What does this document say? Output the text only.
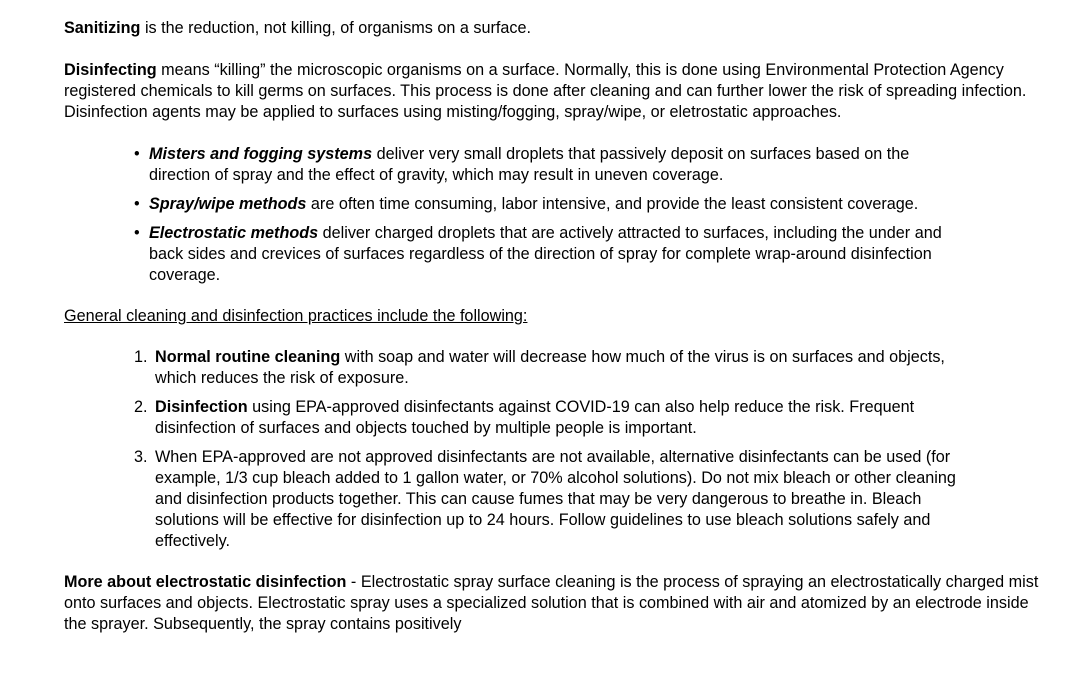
Sanitizing is the reduction, not killing, of organisms on a surface.

Disinfecting means “killing” the microscopic organisms on a surface. Normally, this is done using Environmental Protection Agency registered chemicals to kill germs on surfaces. This process is done after cleaning and can further lower the risk of spreading infection. Disinfection agents may be applied to surfaces using misting/fogging, spray/wipe, or eletrostatic approaches.

• Misters and fogging systems deliver very small droplets that passively deposit on surfaces based on the direction of spray and the effect of gravity, which may result in uneven coverage.
• Spray/wipe methods are often time consuming, labor intensive, and provide the least consistent coverage.
• Electrostatic methods deliver charged droplets that are actively attracted to surfaces, including the under and back sides and crevices of surfaces regardless of the direction of spray for complete wrap-around disinfection coverage.

General cleaning and disinfection practices include the following:

1. Normal routine cleaning with soap and water will decrease how much of the virus is on surfaces and objects, which reduces the risk of exposure.
2. Disinfection using EPA-approved disinfectants against COVID-19 can also help reduce the risk. Frequent disinfection of surfaces and objects touched by multiple people is important.
3. When EPA-approved are not approved disinfectants are not available, alternative disinfectants can be used (for example, 1/3 cup bleach added to 1 gallon water, or 70% alcohol solutions). Do not mix bleach or other cleaning and disinfection products together. This can cause fumes that may be very dangerous to breathe in. Bleach solutions will be effective for disinfection up to 24 hours. Follow guidelines to use bleach solutions safely and effectively.

More about electrostatic disinfection - Electrostatic spray surface cleaning is the process of spraying an electrostatically charged mist onto surfaces and objects. Electrostatic spray uses a specialized solution that is combined with air and atomized by an electrode inside the sprayer. Subsequently, the spray contains positively
